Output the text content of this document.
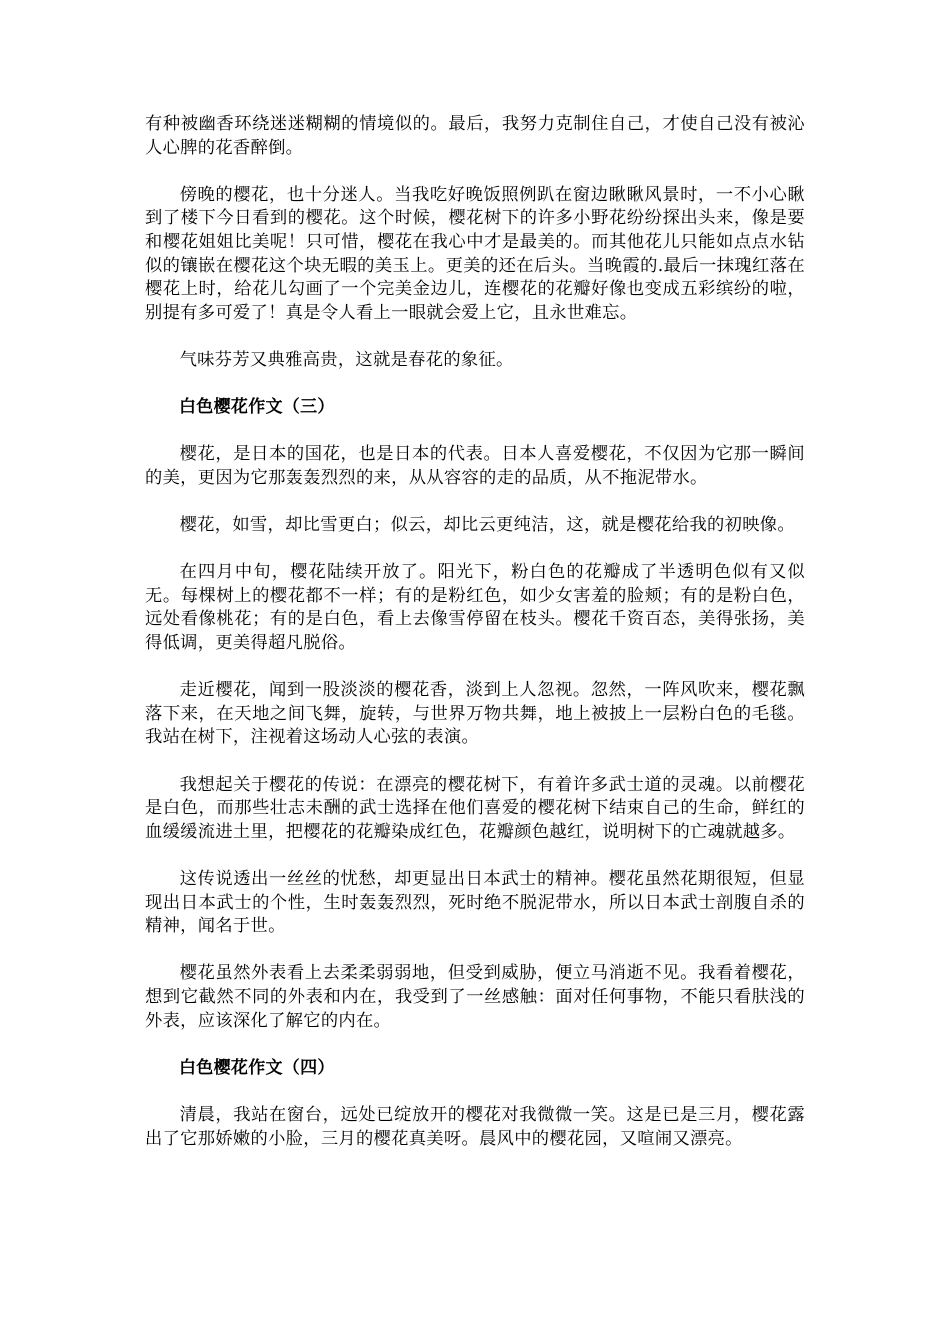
有种被幽香环绕迷迷糊糊的情境似的。最后，我努力克制住自己，才使自己没有被沁人心脾的花香醉倒。

傍晚的樱花，也十分迷人。当我吃好晚饭照例趴在窗边瞅瞅风景时，一不小心瞅到了楼下今日看到的樱花。这个时候，樱花树下的许多小野花纷纷探出头来，像是要和樱花姐姐比美呢！只可惜，樱花在我心中才是最美的。而其他花儿只能如点点水钻似的镶嵌在樱花这个块无暇的美玉上。更美的还在后头。当晚霞的.最后一抹瑰红落在樱花上时，给花儿勾画了一个完美金边儿，连樱花的花瓣好像也变成五彩缤纷的啦，别提有多可爱了！真是令人看上一眼就会爱上它，且永世难忘。

气味芬芳又典雅高贵，这就是春花的象征。

白色樱花作文（三）

樱花，是日本的国花，也是日本的代表。日本人喜爱樱花，不仅因为它那一瞬间的美，更因为它那轰轰烈烈的来，从从容容的走的品质，从不拖泥带水。

樱花，如雪，却比雪更白；似云，却比云更纯洁，这，就是樱花给我的初映像。

在四月中旬，樱花陆续开放了。阳光下，粉白色的花瓣成了半透明色似有又似无。每棵树上的樱花都不一样；有的是粉红色，如少女害羞的脸颊；有的是粉白色，远处看像桃花；有的是白色，看上去像雪停留在枝头。樱花千资百态，美得张扬，美得低调，更美得超凡脱俗。

走近樱花，闻到一股淡淡的樱花香，淡到上人忽视。忽然，一阵风吹来，樱花飘落下来，在天地之间飞舞，旋转，与世界万物共舞，地上被披上一层粉白色的毛毯。我站在树下，注视着这场动人心弦的表演。

我想起关于樱花的传说：在漂亮的樱花树下，有着许多武士道的灵魂。以前樱花是白色，而那些壮志未酬的武士选择在他们喜爱的樱花树下结束自己的生命，鲜红的血缓缓流进土里，把樱花的花瓣染成红色，花瓣颜色越红，说明树下的亡魂就越多。

这传说透出一丝丝的忧愁，却更显出日本武士的精神。樱花虽然花期很短，但显现出日本武士的个性，生时轰轰烈烈，死时绝不脱泥带水，所以日本武士剖腹自杀的精神，闻名于世。

樱花虽然外表看上去柔柔弱弱地，但受到威胁，便立马消逝不见。我看着樱花，想到它截然不同的外表和内在，我受到了一丝感触：面对任何事物，不能只看肤浅的外表，应该深化了解它的内在。

白色樱花作文（四）

清晨，我站在窗台，远处已绽放开的樱花对我微微一笑。这是已是三月，樱花露出了它那娇嫩的小脸，三月的樱花真美呀。晨风中的樱花园，又喧闹又漂亮。
